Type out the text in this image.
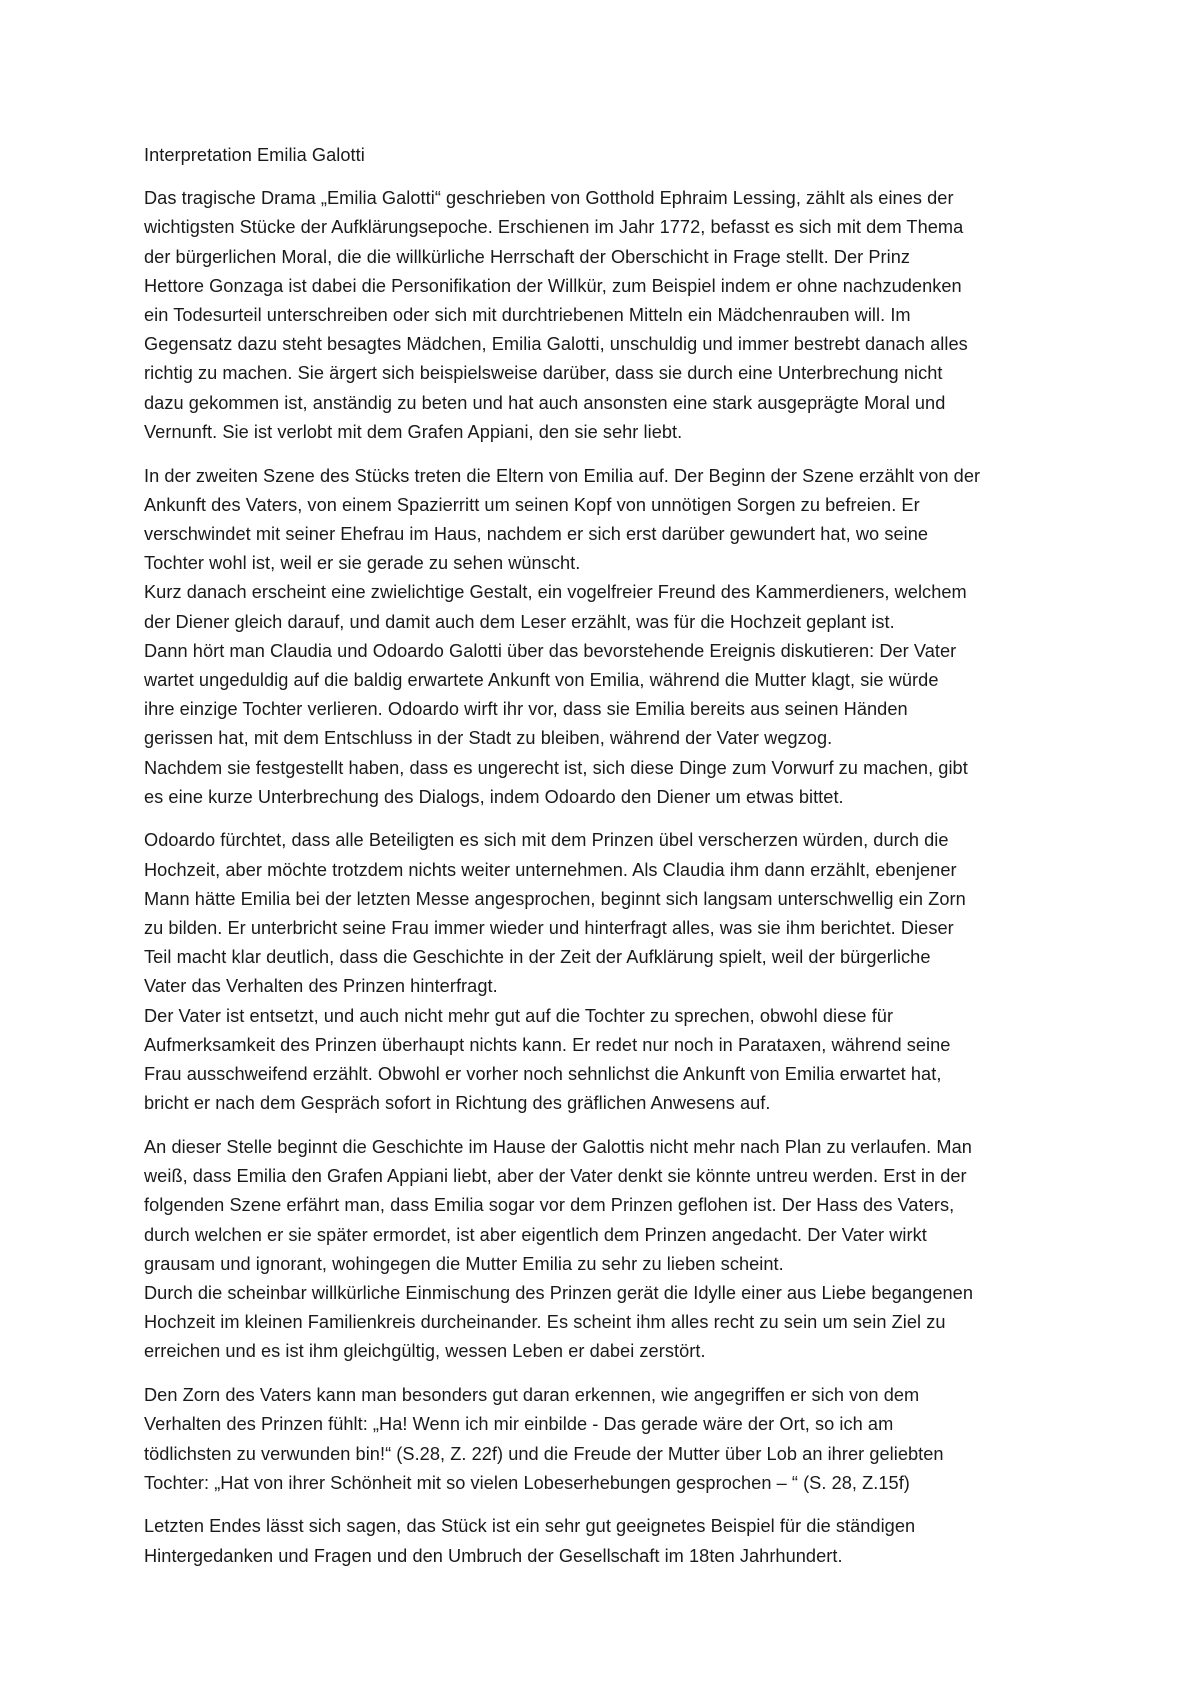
Interpretation Emilia Galotti
Das tragische Drama „Emilia Galotti“ geschrieben von Gotthold Ephraim Lessing, zählt als eines der
wichtigsten Stücke der Aufklärungsepoche. Erschienen im Jahr 1772, befasst es sich mit dem Thema
der bürgerlichen Moral, die die willkürliche Herrschaft der Oberschicht in Frage stellt. Der Prinz
Hettore Gonzaga ist dabei die Personifikation der Willkür, zum Beispiel indem er ohne nachzudenken
ein Todesurteil unterschreiben oder sich mit durchtriebenen Mitteln ein Mädchenrauben will. Im
Gegensatz dazu steht besagtes Mädchen, Emilia Galotti, unschuldig und immer bestrebt danach alles
richtig zu machen. Sie ärgert sich beispielsweise darüber, dass sie durch eine Unterbrechung nicht
dazu gekommen ist, anständig zu beten und hat auch ansonsten eine stark ausgeprägte Moral und
Vernunft. Sie ist verlobt mit dem Grafen Appiani, den sie sehr liebt.
In der zweiten Szene des Stücks treten die Eltern von Emilia auf. Der Beginn der Szene erzählt von der
Ankunft des Vaters, von einem Spazierritt um seinen Kopf von unnötigen Sorgen zu befreien. Er
verschwindet mit seiner Ehefrau im Haus, nachdem er sich erst darüber gewundert hat, wo seine
Tochter wohl ist, weil er sie gerade zu sehen wünscht.
Kurz danach erscheint eine zwielichtige Gestalt, ein vogelfreier Freund des Kammerdieners, welchem
der Diener gleich darauf, und damit auch dem Leser erzählt, was für die Hochzeit geplant ist.
Dann hört man Claudia und Odoardo Galotti über das bevorstehende Ereignis diskutieren: Der Vater
wartet ungeduldig auf die baldig erwartete Ankunft von Emilia, während die Mutter klagt, sie würde
ihre einzige Tochter verlieren. Odoardo wirft ihr vor, dass sie Emilia bereits aus seinen Händen
gerissen hat, mit dem Entschluss in der Stadt zu bleiben, während der Vater wegzog.
Nachdem sie festgestellt haben, dass es ungerecht ist, sich diese Dinge zum Vorwurf zu machen, gibt
es eine kurze Unterbrechung des Dialogs, indem Odoardo den Diener um etwas bittet.
Odoardo fürchtet, dass alle Beteiligten es sich mit dem Prinzen übel verscherzen würden, durch die
Hochzeit, aber möchte trotzdem nichts weiter unternehmen. Als Claudia ihm dann erzählt, ebenjener
Mann hätte Emilia bei der letzten Messe angesprochen, beginnt sich langsam unterschwellig ein Zorn
zu bilden. Er unterbricht seine Frau immer wieder und hinterfragt alles, was sie ihm berichtet. Dieser
Teil macht klar deutlich, dass die Geschichte in der Zeit der Aufklärung spielt, weil der bürgerliche
Vater das Verhalten des Prinzen hinterfragt.
Der Vater ist entsetzt, und auch nicht mehr gut auf die Tochter zu sprechen, obwohl diese für
Aufmerksamkeit des Prinzen überhaupt nichts kann. Er redet nur noch in Parataxen, während seine
Frau ausschweifend erzählt. Obwohl er vorher noch sehnlichst die Ankunft von Emilia erwartet hat,
bricht er nach dem Gespräch sofort in Richtung des gräflichen Anwesens auf.
An dieser Stelle beginnt die Geschichte im Hause der Galottis nicht mehr nach Plan zu verlaufen. Man
weiß, dass Emilia den Grafen Appiani liebt, aber der Vater denkt sie könnte untreu werden. Erst in der
folgenden Szene erfährt man, dass Emilia sogar vor dem Prinzen geflohen ist. Der Hass des Vaters,
durch welchen er sie später ermordet, ist aber eigentlich dem Prinzen angedacht. Der Vater wirkt
grausam und ignorant, wohingegen die Mutter Emilia zu sehr zu lieben scheint.
Durch die scheinbar willkürliche Einmischung des Prinzen gerät die Idylle einer aus Liebe begangenen
Hochzeit im kleinen Familienkreis durcheinander. Es scheint ihm alles recht zu sein um sein Ziel zu
erreichen und es ist ihm gleichgültig, wessen Leben er dabei zerstört.
Den Zorn des Vaters kann man besonders gut daran erkennen, wie angegriffen er sich von dem
Verhalten des Prinzen fühlt: „Ha! Wenn ich mir einbilde - Das gerade wäre der Ort, so ich am
tödlichsten zu verwunden bin!“ (S.28, Z. 22f) und die Freude der Mutter über Lob an ihrer geliebten
Tochter: „Hat von ihrer Schönheit mit so vielen Lobeserhebungen gesprochen – “ (S. 28, Z.15f)
Letzten Endes lässt sich sagen, das Stück ist ein sehr gut geeignetes Beispiel für die ständigen
Hintergedanken und Fragen und den Umbruch der Gesellschaft im 18ten Jahrhundert.
